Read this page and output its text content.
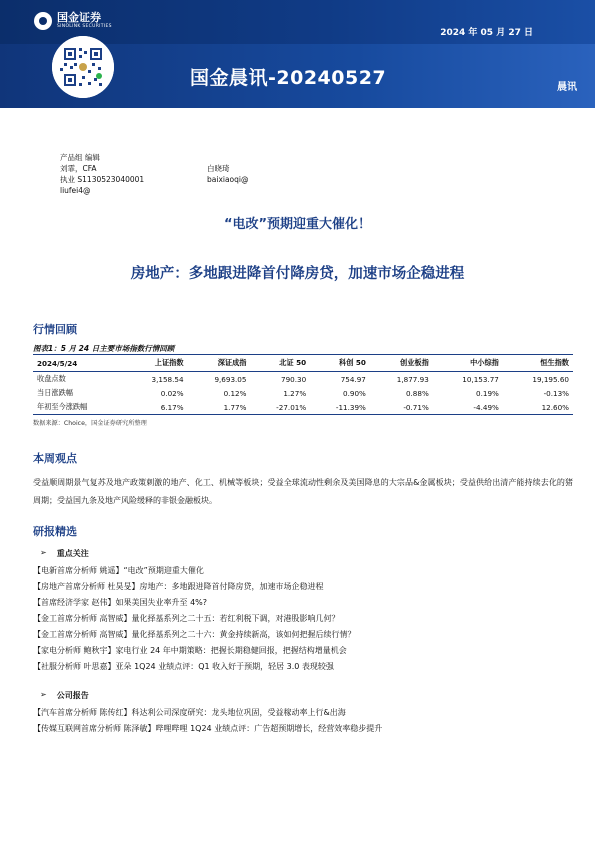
国金证券
SINOLINK SECURITIES
2024 年 05 月 27 日
国金晨讯-20240527	晨讯
产品组 编辑
刘霏，CFA
执业 S1130523040001
liufei4@
白晓琦
baixiaoqi@
“电改”预期迎重大催化！
房地产：多地跟进降首付降房贷，加速市场企稳进程
行情回顾
图表1：5 月 24 日主要市场指数行情回顾
2024/5/24	上证指数	深证成指	北证 50	科创 50	创业板指	中小综指	恒生指数
收盘点数	3,158.54	9,693.05	790.30	754.97	1,877.93	10,153.77	19,195.60
当日涨跌幅	0.02%	0.12%	1.27%	0.90%	0.88%	0.19%	-0.13%
年初至今涨跌幅	6.17%	1.77%	-27.01%	-11.39%	-0.71%	-4.49%	12.60%
数据来源：Choice，国金证券研究所整理
本周观点
受益顺周期景气复苏及地产政策刺激的地产、化工、机械等板块；受益全球流动性剩余及美国降息的大宗品&金属板块；受益供给出清产能持续去化的猪周期；受益国九条及地产风险缓释的非银金融板块。
研报精选
➢ 重点关注
【电新首席分析师 姚遥】“电改”预期迎重大催化
【房地产首席分析师 杜昊旻】房地产：多地跟进降首付降房贷，加速市场企稳进程
【首席经济学家 赵伟】如果美国失业率升至 4%?
【金工首席分析师 高智威】量化择基系列之二十五：若红利税下调，对港股影响几何？
【金工首席分析师 高智威】量化择基系列之二十六：黄金持续新高，该如何把握后续行情？
【家电分析师 鲍秋宇】家电行业 24 年中期策略：把握长期稳健回报，把握结构增量机会
【社服分析师 叶思嘉】亚朵 1Q24 业绩点评：Q1 收入好于预期，轻居 3.0 表现较强
➢ 公司报告
【汽车首席分析师 陈传红】科达利公司深度研究：龙头地位巩固，受益稼动率上行&出海
【传媒互联网首席分析师 陈泽敏】哔哩哔哩 1Q24 业绩点评：广告超预期增长，经营效率稳步提升
